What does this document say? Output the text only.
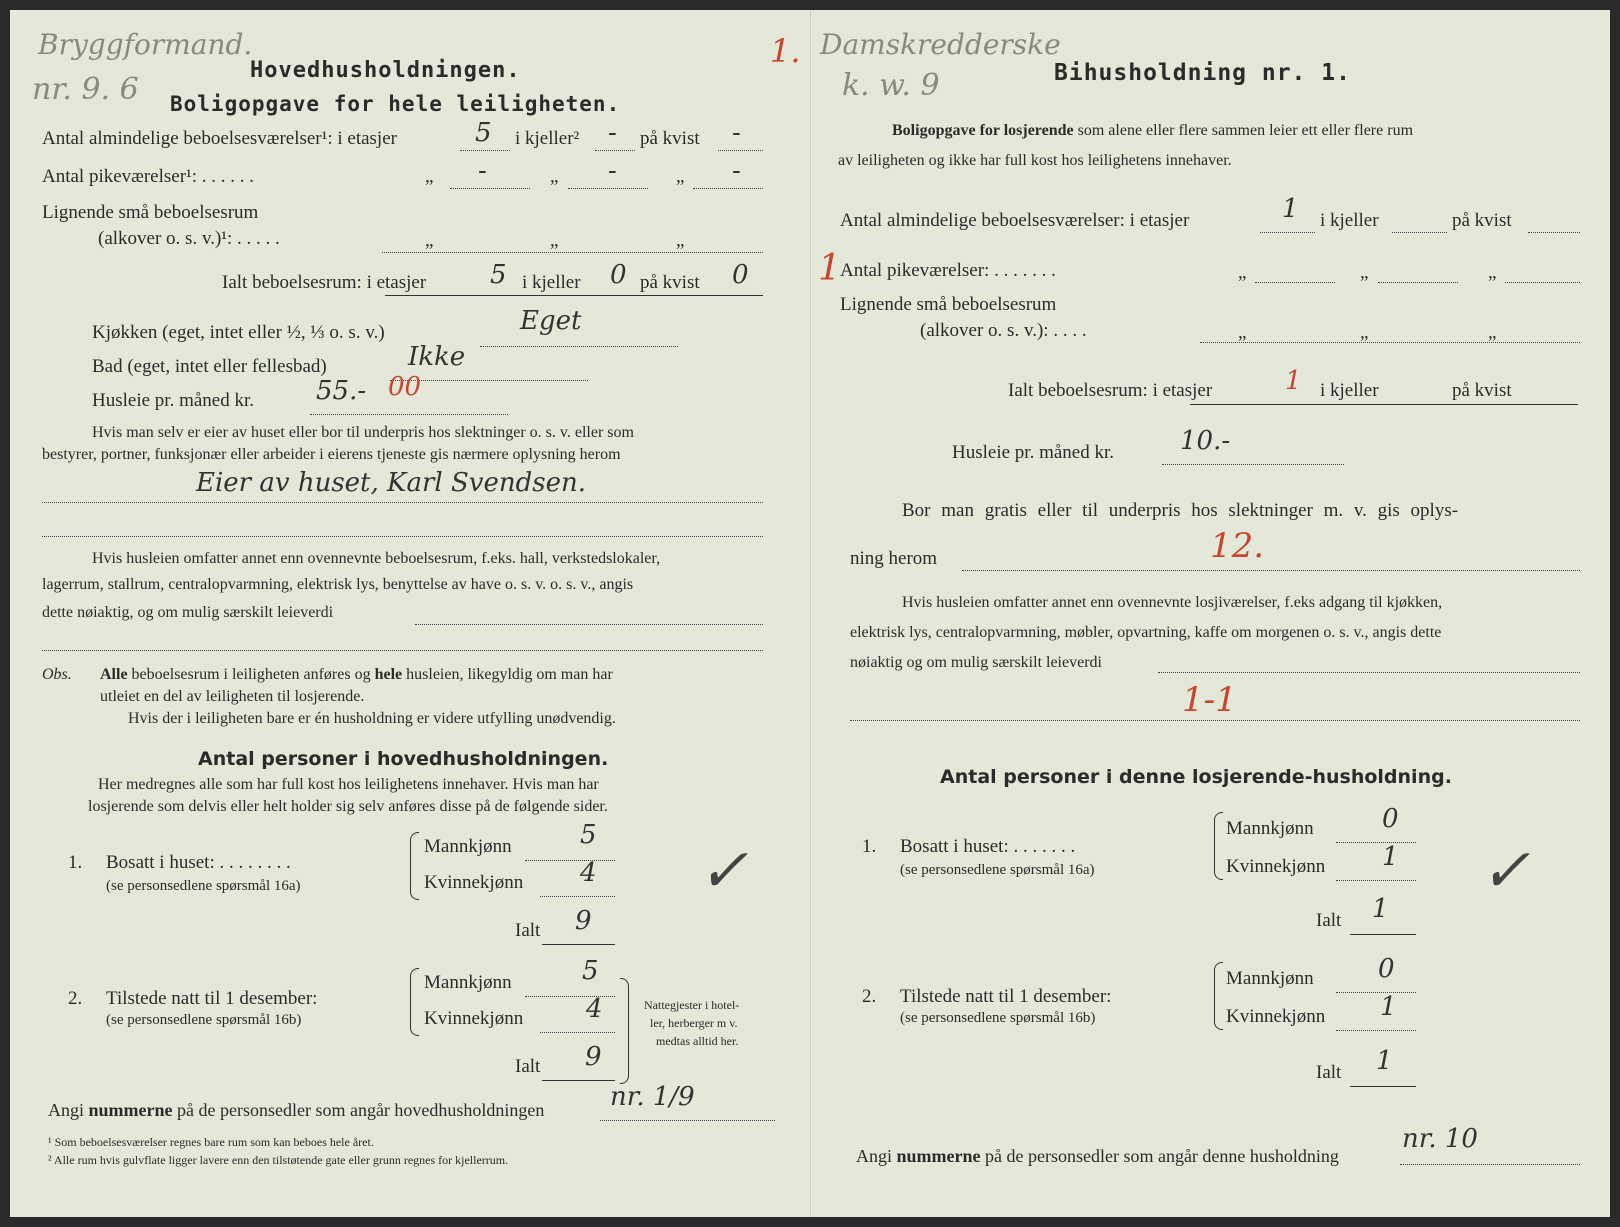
Bryggformand.
nr. 9. 6
1. Damskredderske
k. w. 9
Hovedhusholdningen.
Boligopgave for hele leiligheten.
Antal almindelige beboelsesværelser¹: i etasjer	5 i kjeller² - på kvist -
Antal pikeværelser¹: . . . . . .	„ -	„ -	„ -
Lignende små beboelsesrum
(alkover o. s. v.)¹: . . . . .	„	„	„
Ialt beboelsesrum: i etasjer 5 i kjeller 0 på kvist 0
Kjøkken (eget, intet eller ½, ⅓ o. s. v.)	Eget
Bad (eget, intet eller fellesbad)	Ikke
Husleie pr. måned kr. 55.- 00
Hvis man selv er eier av huset eller bor til underpris hos slektninger o. s. v. eller som
bestyrer, portner, funksjonær eller arbeider i eierens tjeneste gis nærmere oplysning herom
Eier av huset, Karl Svendsen.
Hvis husleien omfatter annet enn ovennevnte beboelsesrum, f.eks. hall, verkstedslokaler,
lagerrum, stallrum, centralopvarmning, elektrisk lys, benyttelse av have o. s. v. o. s. v., angis
dette nøiaktig, og om mulig særskilt leieverdi
Obs. Alle beboelsesrum i leiligheten anføres og hele husleien, likegyldig om man har
utleiet en del av leiligheten til losjerende.
Hvis der i leiligheten bare er én husholdning er videre utfylling unødvendig.
Antal personer i hovedhusholdningen.
Her medregnes alle som har full kost hos leilighetens innehaver. Hvis man har
losjerende som delvis eller helt holder sig selv anføres disse på de følgende sider.
1. Bosatt i huset: . . . . . . . .
(se personsedlene spørsmål 16a)
Mannkjønn	5
Kvinnekjønn 4
Ialt 9
2. Tilstede natt til 1 desember:
(se personsedlene spørsmål 16b)
Mannkjønn	5
Kvinnekjønn 4
Ialt 9
Nattegjester i hotel-
ler, herberger m v.
medtas alltid her.
✓
Angi nummerne på de personsedler som angår hovedhusholdningen	nr. 1/9
¹ Som beboelsesværelser regnes bare rum som kan beboes hele året.
² Alle rum hvis gulvflate ligger lavere enn den tilstøtende gate eller grunn regnes for kjellerrum.
Bihusholdning nr. 1.
Boligopgave for losjerende som alene eller flere sammen leier ett eller flere rum
av leiligheten og ikke har full kost hos leilighetens innehaver.
Antal almindelige beboelsesværelser: i etasjer	1 i kjeller	på kvist
1 Antal pikeværelser: . . . . . . .	„	„	„
Lignende små beboelsesrum
(alkover o. s. v.): . . . .	„	„	„
Ialt beboelsesrum: i etasjer	1 i kjeller	på kvist
Husleie pr. måned kr.	10.-
Bor man gratis eller til underpris hos slektninger m. v. gis oplys-
ning herom	12.
Hvis husleien omfatter annet enn ovennevnte losjiværelser, f.eks adgang til kjøkken,
elektrisk lys, centralopvarmning, møbler, opvartning, kaffe om morgenen o. s. v., angis dette
nøiaktig og om mulig særskilt leieverdi
1-1
Antal personer i denne losjerende-husholdning.
1. Bosatt i huset: . . . . . . .
(se personsedlene spørsmål 16a)
Mannkjønn	0
Kvinnekjønn 1
Ialt 1
2. Tilstede natt til 1 desember:
(se personsedlene spørsmål 16b)
Mannkjønn 0
Kvinnekjønn 1
Ialt 1
✓
Angi nummerne på de personsedler som angår denne husholdning
nr. 10
